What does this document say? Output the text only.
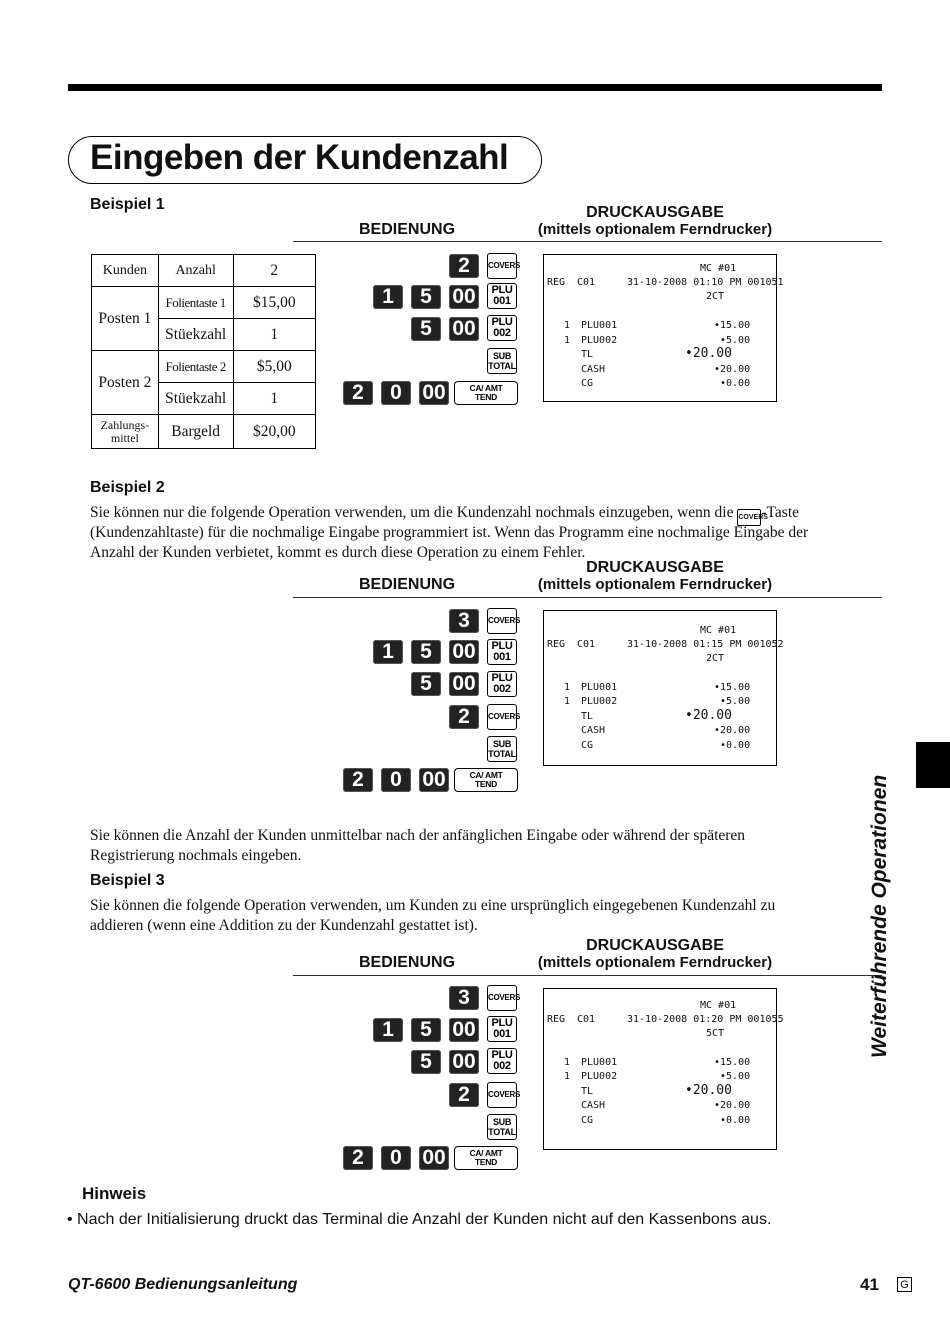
Eingeben der Kundenzahl
Beispiel 1
BEDIENUNG
DRUCKAUSGABE
(mittels optionalem Ferndrucker)
Kunden	Anzahl	2
Posten 1	Folientaste 1	$15,00
	Stüekzahl	1
Posten 2	Folientaste 2	$5,00
	Stüekzahl	1
Zahlungs-
mittel	Bargeld	$20,00
2	COVERS
1	5 00	PLU
001
5 00	PLU
002
SUB
TOTAL
2	0 00	CA/ AMT
TEND
MC #01
REG C01	31-10-2008 01:10 PM 001051
2CT
1 PLU001	•15.00
1 PLU002	•5.00
TL	•20.00
CASH	•20.00
CG	•0.00
Beispiel 2
Sie können nur die folgende Operation verwenden, um die Kundenzahl nochmals einzugeben, wenn die COVERS-Taste
(Kundenzahltaste) für die nochmalige Eingabe programmiert ist. Wenn das Programm eine nochmalige Eingabe der
Anzahl der Kunden verbietet, kommt es durch diese Operation zu einem Fehler.
BEDIENUNG
DRUCKAUSGABE
(mittels optionalem Ferndrucker)
3	COVERS
1	5 00	PLU
001
5 00	PLU
002
2	COVERS
SUB
TOTAL
2	0 00	CA/ AMT
TEND
MC #01
REG C01	31-10-2008 01:15 PM 001052
2CT
1 PLU001	•15.00
1 PLU002	•5.00
TL	•20.00
CASH	•20.00
CG	•0.00
Sie können die Anzahl der Kunden unmittelbar nach der anfänglichen Eingabe oder während der späteren
Registrierung nochmals eingeben.
Beispiel 3
Sie können die folgende Operation verwenden, um Kunden zu eine ursprünglich eingegebenen Kundenzahl zu
addieren (wenn eine Addition zu der Kundenzahl gestattet ist).
BEDIENUNG
DRUCKAUSGABE
(mittels optionalem Ferndrucker)
3	COVERS
1	5 00	PLU
001
5 00	PLU
002
2	COVERS
SUB
TOTAL
2	0 00	CA/ AMT
TEND
MC #01
REG C01	31-10-2008 01:20 PM 001055
5CT
1 PLU001	•15.00
1 PLU002	•5.00
TL	•20.00
CASH	•20.00
CG	•0.00
Hinweis
• Nach der Initialisierung druckt das Terminal die Anzahl der Kunden nicht auf den Kassenbons aus.
Weiterführende Operationen
QT-6600 Bedienungsanleitung	41 G
